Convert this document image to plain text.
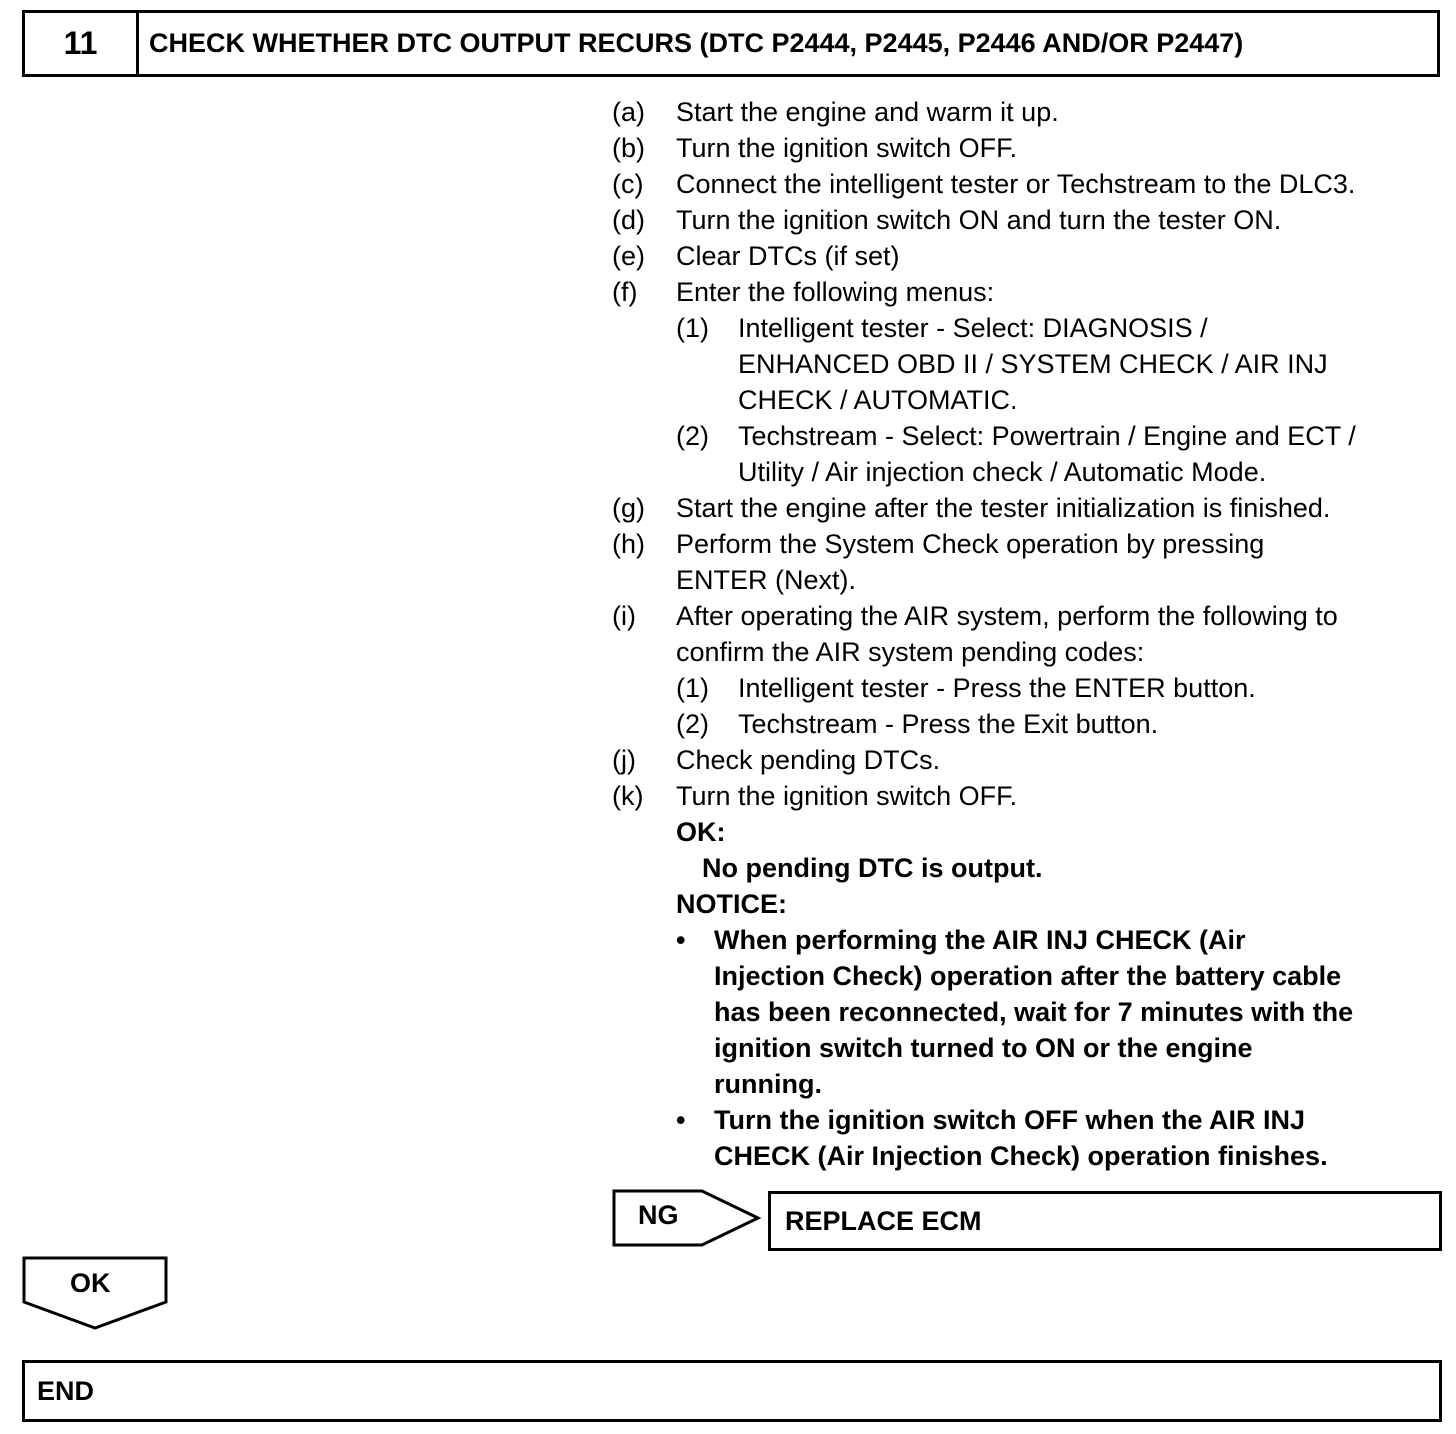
11	CHECK WHETHER DTC OUTPUT RECURS (DTC P2444, P2445, P2446 AND/OR P2447)
(a)	Start the engine and warm it up.
(b)	Turn the ignition switch OFF.
(c)	Connect the intelligent tester or Techstream to the DLC3.
(d)	Turn the ignition switch ON and turn the tester ON.
(e)	Clear DTCs (if set)
(f)	Enter the following menus:
(1)	Intelligent tester - Select: DIAGNOSIS /
ENHANCED OBD II / SYSTEM CHECK / AIR INJ
CHECK / AUTOMATIC.
(2)	Techstream - Select: Powertrain / Engine and ECT /
Utility / Air injection check / Automatic Mode.
(g)	Start the engine after the tester initialization is finished.
(h)	Perform the System Check operation by pressing
ENTER (Next).
(i)	After operating the AIR system, perform the following to
confirm the AIR system pending codes:
(1)	Intelligent tester - Press the ENTER button.
(2)	Techstream - Press the Exit button.
(j)	Check pending DTCs.
(k)	Turn the ignition switch OFF.
OK:
No pending DTC is output.
NOTICE:
•	When performing the AIR INJ CHECK (Air
Injection Check) operation after the battery cable
has been reconnected, wait for 7 minutes with the
ignition switch turned to ON or the engine
running.
•	Turn the ignition switch OFF when the AIR INJ
CHECK (Air Injection Check) operation finishes.
NG	REPLACE ECM
OK
END
